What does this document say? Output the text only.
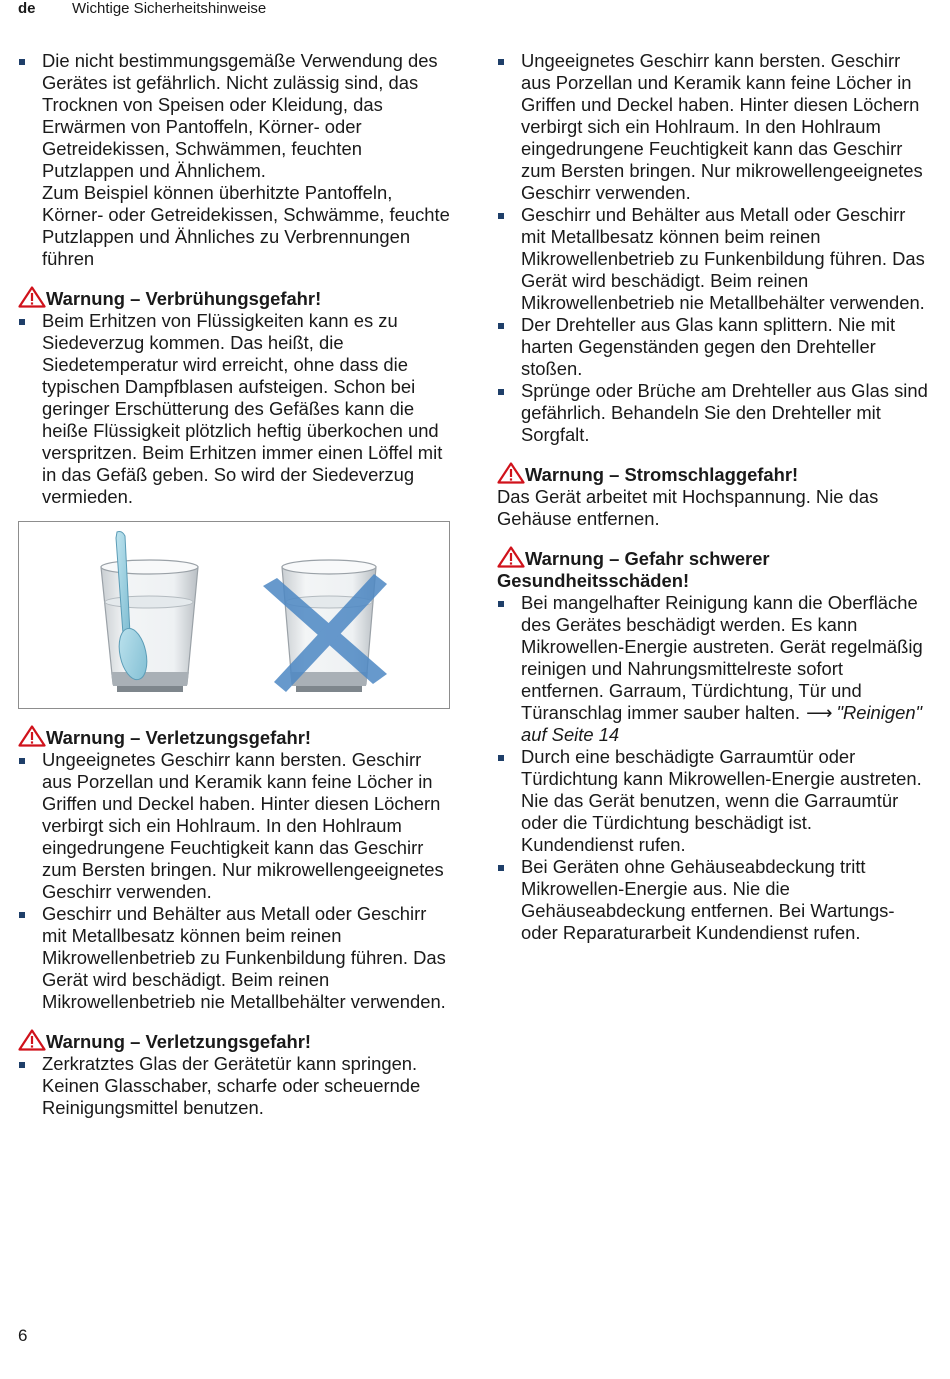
de Wichtige Sicherheitshinweise
Die nicht bestimmungsgemäße Verwendung des Gerätes ist gefährlich. Nicht zulässig sind, das Trocknen von Speisen oder Kleidung, das Erwärmen von Pantoffeln, Körner- oder Getreidekissen, Schwämmen, feuchten Putzlappen und Ähnlichem.
Zum Beispiel können überhitzte Pantoffeln, Körner- oder Getreidekissen, Schwämme, feuchte Putzlappen und Ähnliches zu Verbrennungen führen

Warnung – Verbrühungsgefahr!

Beim Erhitzen von Flüssigkeiten kann es zu Siedeverzug kommen. Das heißt, die Siedetemperatur wird erreicht, ohne dass die typischen Dampfblasen aufsteigen. Schon bei geringer Erschütterung des Gefäßes kann die heiße Flüssigkeit plötzlich heftig überkochen und verspritzen. Beim Erhitzen immer einen Löffel mit in das Gefäß geben. So wird der Siedeverzug vermieden.

Warnung – Verletzungsgefahr!

Ungeeignetes Geschirr kann bersten. Geschirr aus Porzellan und Keramik kann feine Löcher in Griffen und Deckel haben. Hinter diesen Löchern verbirgt sich ein Hohlraum. In den Hohlraum eingedrungene Feuchtigkeit kann das Geschirr zum Bersten bringen. Nur mikrowellengeeignetes Geschirr verwenden.
Geschirr und Behälter aus Metall oder Geschirr mit Metallbesatz können beim reinen Mikrowellenbetrieb zu Funkenbildung führen. Das Gerät wird beschädigt. Beim reinen Mikrowellenbetrieb nie Metallbehälter verwenden.

Warnung – Verletzungsgefahr!

Zerkratztes Glas der Gerätetür kann springen. Keinen Glasschaber, scharfe oder scheuernde Reinigungsmittel benutzen.
Ungeeignetes Geschirr kann bersten. Geschirr aus Porzellan und Keramik kann feine Löcher in Griffen und Deckel haben. Hinter diesen Löchern verbirgt sich ein Hohlraum. In den Hohlraum eingedrungene Feuchtigkeit kann das Geschirr zum Bersten bringen. Nur mikrowellengeeignetes Geschirr verwenden.
Geschirr und Behälter aus Metall oder Geschirr mit Metallbesatz können beim reinen Mikrowellenbetrieb zu Funkenbildung führen. Das Gerät wird beschädigt. Beim reinen Mikrowellenbetrieb nie Metallbehälter verwenden.
Der Drehteller aus Glas kann splittern. Nie mit harten Gegenständen gegen den Drehteller stoßen.
Sprünge oder Brüche am Drehteller aus Glas sind gefährlich. Behandeln Sie den Drehteller mit Sorgfalt.

Warnung – Stromschlaggefahr!

Das Gerät arbeitet mit Hochspannung. Nie das Gehäuse entfernen.

Warnung – Gefahr schwerer Gesundheitsschäden!

Bei mangelhafter Reinigung kann die Oberfläche des Gerätes beschädigt werden. Es kann Mikrowellen-Energie austreten. Gerät regelmäßig reinigen und Nahrungsmittelreste sofort entfernen. Garraum, Türdichtung, Tür und Türanschlag immer sauber halten. ⟶ "Reinigen" auf Seite 14
Durch eine beschädigte Garraumtür oder Türdichtung kann Mikrowellen-Energie austreten. Nie das Gerät benutzen, wenn die Garraumtür oder die Türdichtung beschädigt ist. Kundendienst rufen.
Bei Geräten ohne Gehäuseabdeckung tritt Mikrowellen-Energie aus. Nie die Gehäuseabdeckung entfernen. Bei Wartungs- oder Reparaturarbeit Kundendienst rufen.
6
